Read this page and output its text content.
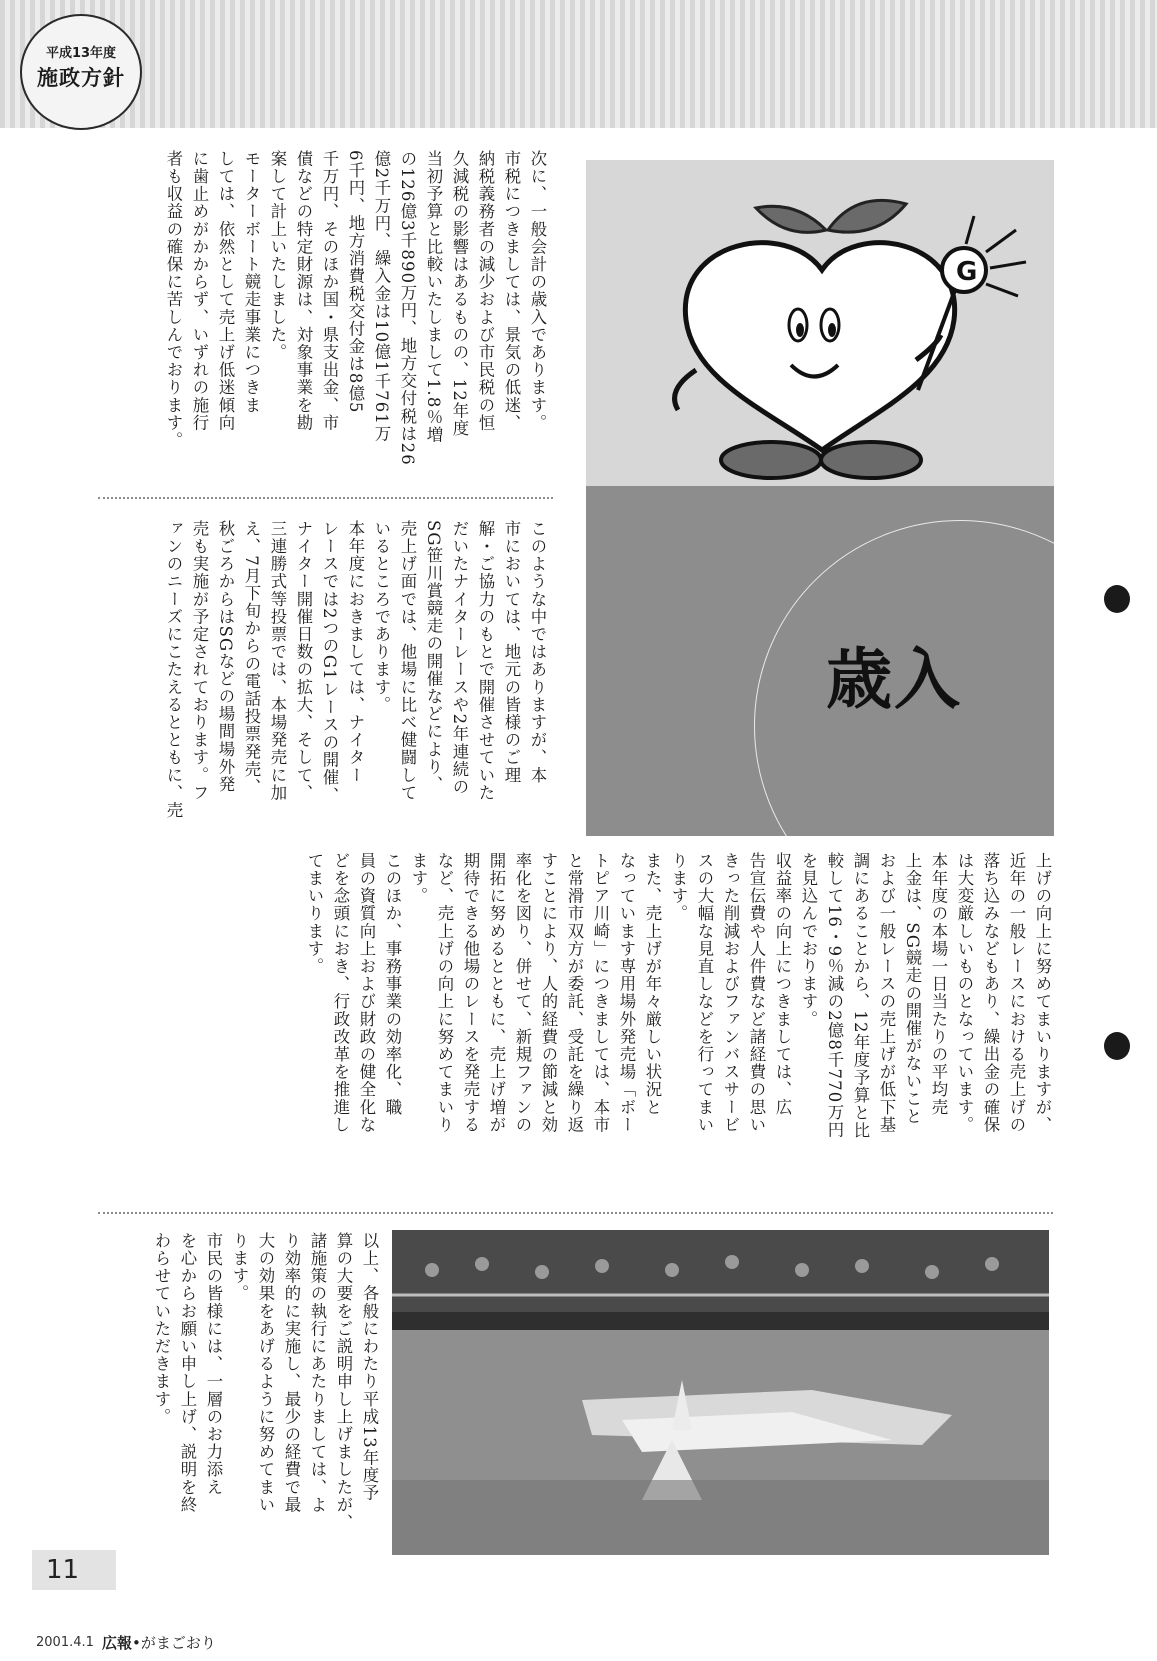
平成13年度
施政方針
次に、一般会計の歳入であります。
市税につきましては、景気の低迷、
納税義務者の減少および市民税の恒
久減税の影響はあるものの、12年度
当初予算と比較いたしまして1.8％増
の126億3千890万円、地方交付税は26
億2千万円、繰入金は10億1千761万
6千円、地方消費税交付金は8億5
千万円、そのほか国・県支出金、市
債などの特定財源は、対象事業を勘
案して計上いたしました。
モーターボート競走事業につきま
しては、依然として売上げ低迷傾向
に歯止めがかからず、いずれの施行
者も収益の確保に苦しんでおります。
このような中ではありますが、本
市においては、地元の皆様のご理
解・ご協力のもとで開催させていた
だいたナイターレースや2年連続の
SG笹川賞競走の開催などにより、
売上げ面では、他場に比べ健闘して
いるところであります。
本年度におきましては、ナイター
レースでは2つのG1レースの開催、
ナイター開催日数の拡大、そして、
三連勝式等投票では、本場発売に加
え、7月下旬からの電話投票発売、
秋ごろからはSGなどの場間場外発
売も実施が予定されております。フ
ァンのニーズにこたえるとともに、売
G
歳入
上げの向上に努めてまいりますが、
近年の一般レースにおける売上げの
落ち込みなどもあり、繰出金の確保
は大変厳しいものとなっています。
本年度の本場一日当たりの平均売
上金は、SG競走の開催がないこと
および一般レースの売上げが低下基
調にあることから、12年度予算と比
較して16・9％減の2億8千770万円
を見込んでおります。
収益率の向上につきましては、広
告宣伝費や人件費など諸経費の思い
きった削減およびファンバスサービ
スの大幅な見直しなどを行ってまい
ります。
また、売上げが年々厳しい状況と
なっています専用場外発売場「ボー
トピア川崎」につきましては、本市
と常滑市双方が委託、受託を繰り返
すことにより、人的経費の節減と効
率化を図り、併せて、新規ファンの
開拓に努めるとともに、売上げ増が
期待できる他場のレースを発売する
など、売上げの向上に努めてまいり
ます。
このほか、事務事業の効率化、職
員の資質向上および財政の健全化な
どを念頭におき、行政改革を推進し
てまいります。
以上、各般にわたり平成13年度予
算の大要をご説明申し上げましたが、
諸施策の執行にあたりましては、よ
り効率的に実施し、最少の経費で最
大の効果をあげるように努めてまい
ります。
市民の皆様には、一層のお力添え
を心からお願い申し上げ、説明を終
わらせていただきます。
11
2001.4.1 広報•がまごおり
